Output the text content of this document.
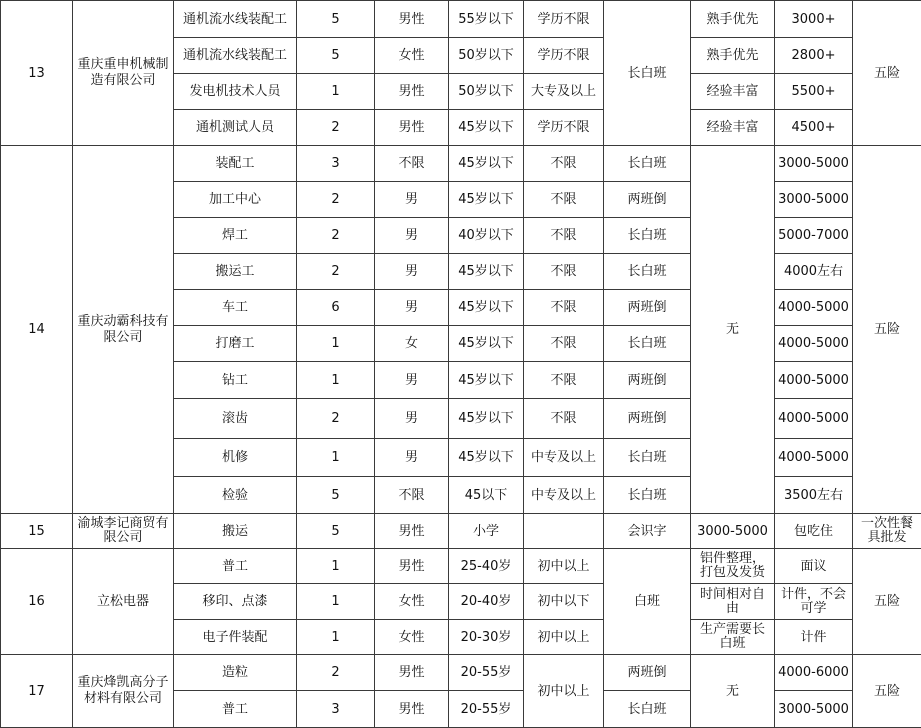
13	重庆重申机械制造有限公司	通机流水线装配工	5	男性	55岁以下	学历不限	长白班	熟手优先	3000+	五险
		通机流水线装配工	5	女性	50岁以下	学历不限		熟手优先	2800+	
		发电机技术人员	1	男性	50岁以下	大专及以上		经验丰富	5500+	
		通机测试人员	2	男性	45岁以下	学历不限		经验丰富	4500+	
14	重庆动霸科技有限公司	装配工	3	不限	45岁以下	不限	长白班	无	3000-5000	五险
		加工中心	2	男	45岁以下	不限	两班倒		3000-5000	
		焊工	2	男	40岁以下	不限	长白班		5000-7000	
		搬运工	2	男	45岁以下	不限	长白班		4000左右	
		车工	6	男	45岁以下	不限	两班倒		4000-5000	
		打磨工	1	女	45岁以下	不限	长白班		4000-5000	
		钻工	1	男	45岁以下	不限	两班倒		4000-5000	
		滚齿	2	男	45岁以下	不限	两班倒		4000-5000	
		机修	1	男	45岁以下	中专及以上	长白班		4000-5000	
		检验	5	不限	45以下	中专及以上	长白班		3500左右	
15	渝城李记商贸有限公司	搬运	5	男性	小学		会识字	3000-5000	包吃住	一次性餐具批发
16	立松电器	普工	1	男性	25-40岁	初中以上	白班	铝件整理，打包及发货	面议	五险
		移印、点漆	1	女性	20-40岁	初中以下		时间相对自由	计件，不会可学	
		电子件装配	1	女性	20-30岁	初中以上		生产需要长白班	计件	
17	重庆烽凯高分子材料有限公司	造粒	2	男性	20-55岁	初中以上	两班倒	无	4000-6000	五险
		普工	3	男性	20-55岁		长白班		3000-5000	
